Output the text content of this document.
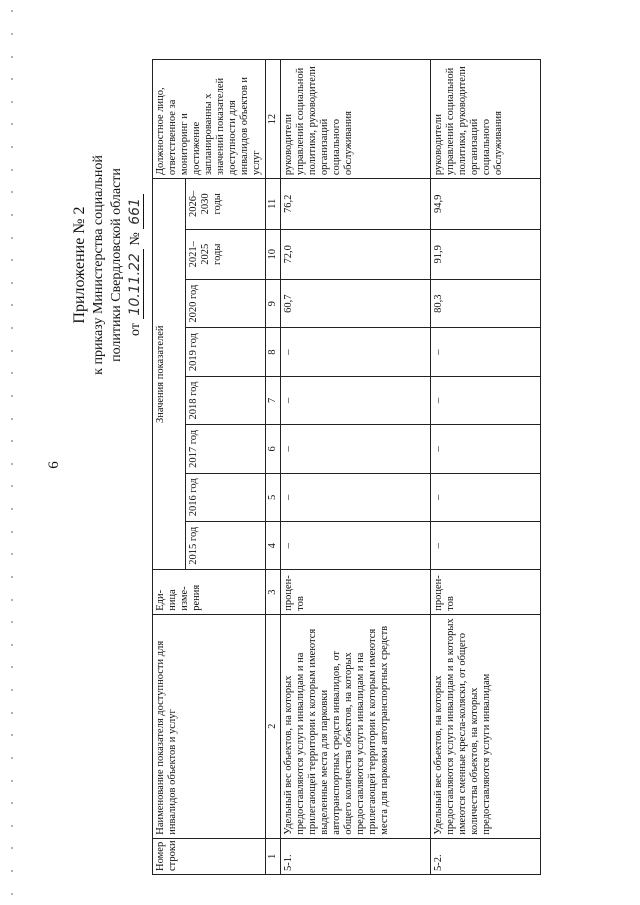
6
Приложение № 2 к приказу Министерства социальной политики Свердловской области от 10.11.22 № 661
Номер строки	Наименование показателя доступности для инвалидов объектов и услуг	Еди-ница изме-рения	Значения показателей								Должностное лицо, ответственное за мониторинг и достижение запланированны х значений показателей доступности для инвалидов объектов и услуг
			2015 год	2016 год	2017 год	2018 год	2019 год	2020 год	2021–2025 годы	2026–2030 годы	
1	2	3	4	5	6	7	8	9	10	11	12
5-1.	Удельный вес объектов, на которых предоставляются услуги инвалидам и на прилегающей территории к которым имеются выделенные места для парковки автотранспортных средств инвалидов, от общего количества объектов, на которых предоставляются услуги инвалидам и на прилегающей территории к которым имеются места для парковки автотранспортных средств	процен-тов	–	–	–	–	–	60,7	72,0	76,2	руководители управлений социальной политики, руководители организаций социального обслуживания
5-2.	Удельный вес объектов, на которых предоставляются услуги инвалидам и в которых имеются сменные кресла-коляски, от общего количества объектов, на которых предоставляются услуги инвалидам	процен-тов	–	–	–	–	–	80,3	91,9	94,9	руководители управлений социальной политики, руководители организаций социального обслуживания
